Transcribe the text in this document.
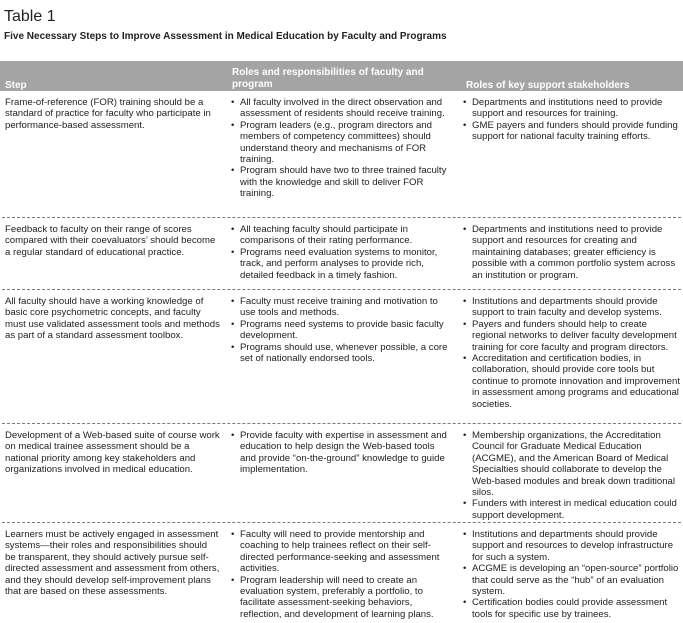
Table 1
Five Necessary Steps to Improve Assessment in Medical Education by Faculty and Programs
Step
Roles and responsibilities of faculty and program	Roles of key support stakeholders
Frame-of-reference (FOR) training should be a standard of practice for faculty who participate in performance-based assessment.
• All faculty involved in the direct observation and assessment of residents should receive training.
• Program leaders (e.g., program directors and members of competency committees) should understand theory and mechanisms of FOR training.
• Program should have two to three trained faculty with the knowledge and skill to deliver FOR training.
• Departments and institutions need to provide support and resources for training.
• GME payers and funders should provide funding support for national faculty training efforts.
Feedback to faculty on their range of scores compared with their coevaluators’ should become a regular standard of educational practice.
• All teaching faculty should participate in comparisons of their rating performance.
• Programs need evaluation systems to monitor, track, and perform analyses to provide rich, detailed feedback in a timely fashion.
• Departments and institutions need to provide support and resources for creating and maintaining databases; greater efficiency is possible with a common portfolio system across an institution or program.
All faculty should have a working knowledge of basic core psychometric concepts, and faculty must use validated assessment tools and methods as part of a standard assessment toolbox.
• Faculty must receive training and motivation to use tools and methods.
• Programs need systems to provide basic faculty development.
• Programs should use, whenever possible, a core set of nationally endorsed tools.
• Institutions and departments should provide support to train faculty and develop systems.
• Payers and funders should help to create regional networks to deliver faculty development training for core faculty and program directors.
• Accreditation and certification bodies, in collaboration, should provide core tools but continue to promote innovation and improvement in assessment among programs and educational societies.
Development of a Web-based suite of course work on medical trainee assessment should be a national priority among key stakeholders and organizations involved in medical education.
• Provide faculty with expertise in assessment and education to help design the Web-based tools and provide “on-the-ground” knowledge to guide implementation.
• Membership organizations, the Accreditation Council for Graduate Medical Education (ACGME), and the American Board of Medical Specialties should collaborate to develop the Web-based modules and break down traditional silos.
• Funders with interest in medical education could support development.
Learners must be actively engaged in assessment systems—their roles and responsibilities should be transparent, they should actively pursue self-directed assessment and assessment from others, and they should develop self-improvement plans that are based on these assessments.
• Faculty will need to provide mentorship and coaching to help trainees reflect on their self-directed performance-seeking and assessment activities.
• Program leadership will need to create an evaluation system, preferably a portfolio, to facilitate assessment-seeking behaviors, reflection, and development of learning plans.
• Institutions and departments should provide support and resources to develop infrastructure for such a system.
• ACGME is developing an “open-source” portfolio that could serve as the “hub” of an evaluation system.
• Certification bodies could provide assessment tools for specific use by trainees.
